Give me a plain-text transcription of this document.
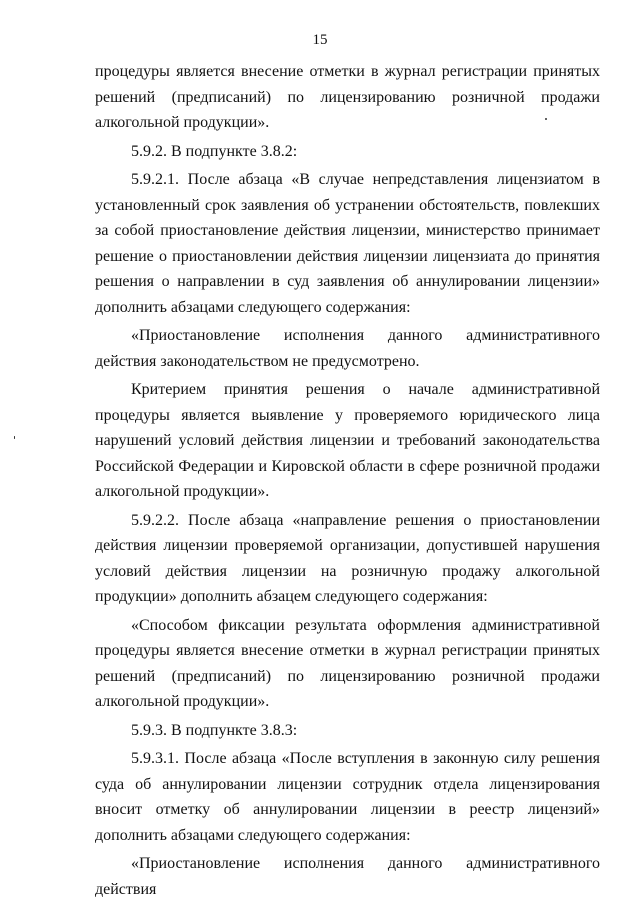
15

процедуры является внесение отметки в журнал регистрации принятых решений (предписаний) по лицензированию розничной продажи алкогольной продукции».

5.9.2. В подпункте 3.8.2:

5.9.2.1. После абзаца «В случае непредставления лицензиатом в установленный срок заявления об устранении обстоятельств, повлекших за собой приостановление действия лицензии, министерство принимает решение о приостановлении действия лицензии лицензиата до принятия решения о направлении в суд заявления об аннулировании лицензии» дополнить абзацами следующего содержания:

«Приостановление исполнения данного административного действия законодательством не предусмотрено.

Критерием принятия решения о начале административной процедуры является выявление у проверяемого юридического лица нарушений условий действия лицензии и требований законодательства Российской Федерации и Кировской области в сфере розничной продажи алкогольной продукции».

5.9.2.2. После абзаца «направление решения о приостановлении действия лицензии проверяемой организации, допустившей нарушения условий действия лицензии на розничную продажу алкогольной продукции» дополнить абзацем следующего содержания:

«Способом фиксации результата оформления административной процедуры является внесение отметки в журнал регистрации принятых решений (предписаний) по лицензированию розничной продажи алкогольной продукции».

5.9.3. В подпункте 3.8.3:

5.9.3.1. После абзаца «После вступления в законную силу решения суда об аннулировании лицензии сотрудник отдела лицензирования вносит отметку об аннулировании лицензии в реестр лицензий» дополнить абзацами следующего содержания:

«Приостановление исполнения данного административного действия
